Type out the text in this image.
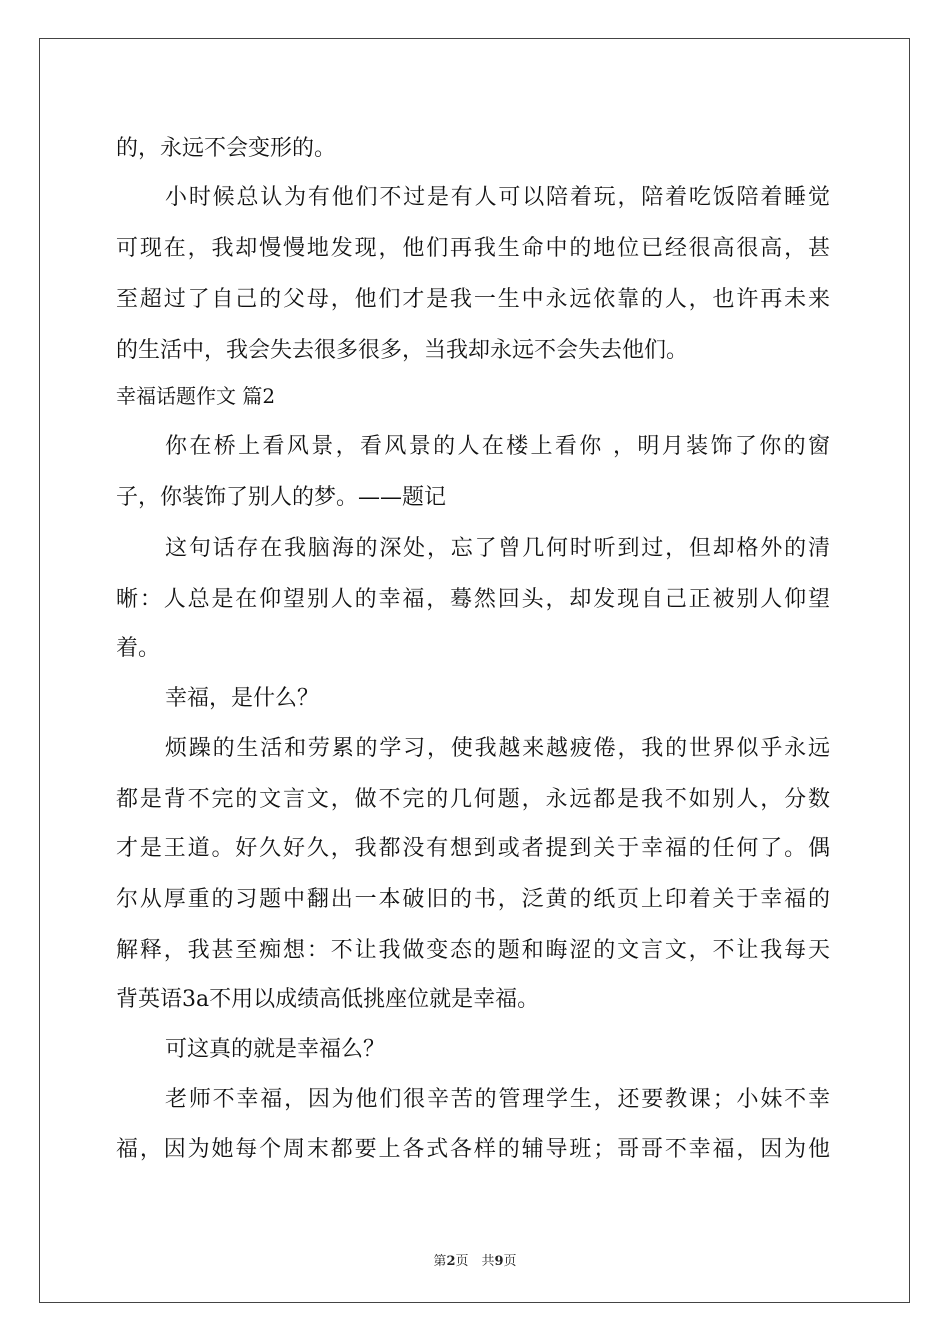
的，永远不会变形的。
小时候总认为有他们不过是有人可以陪着玩，陪着吃饭陪着睡觉
可现在，我却慢慢地发现，他们再我生命中的地位已经很高很高，甚
至超过了自己的父母，他们才是我一生中永远依靠的人，也许再未来
的生活中，我会失去很多很多，当我却永远不会失去他们。
幸福话题作文 篇2
你在桥上看风景，看风景的人在楼上看你 ，明月装饰了你的窗
子，你装饰了别人的梦。——题记
这句话存在我脑海的深处，忘了曾几何时听到过，但却格外的清
晰：人总是在仰望别人的幸福，蓦然回头，却发现自己正被别人仰望
着。
幸福，是什么？
烦躁的生活和劳累的学习，使我越来越疲倦，我的世界似乎永远
都是背不完的文言文，做不完的几何题，永远都是我不如别人，分数
才是王道。好久好久，我都没有想到或者提到关于幸福的任何了。偶
尔从厚重的习题中翻出一本破旧的书，泛黄的纸页上印着关于幸福的
解释，我甚至痴想：不让我做变态的题和晦涩的文言文，不让我每天
背英语3a不用以成绩高低挑座位就是幸福。
可这真的就是幸福么？
老师不幸福，因为他们很辛苦的管理学生，还要教课；小妹不幸
福，因为她每个周末都要上各式各样的辅导班；哥哥不幸福，因为他
第2页　共9页
